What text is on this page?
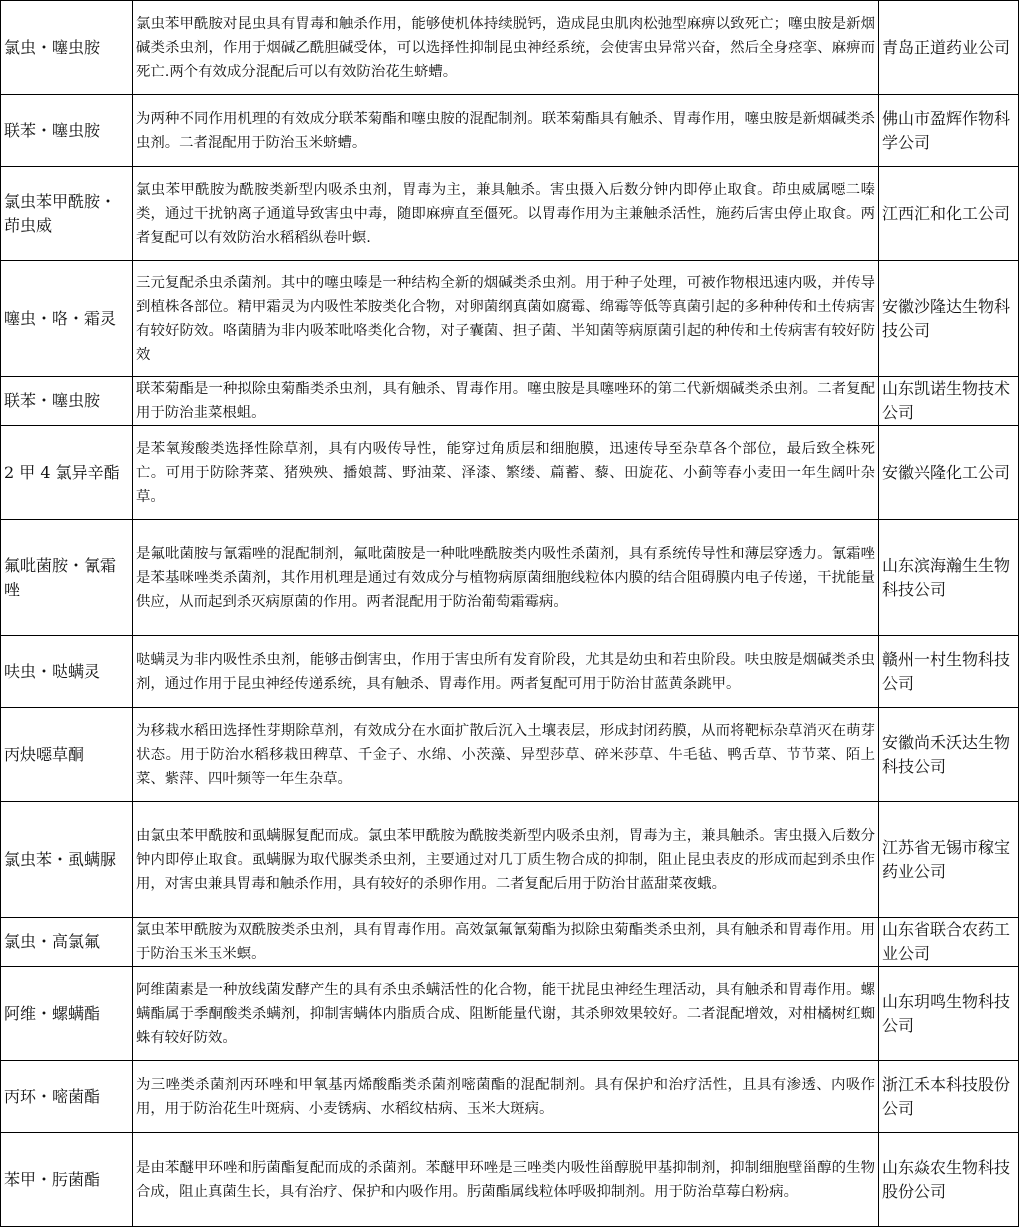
氯虫・噻虫胺	氯虫苯甲酰胺对昆虫具有胃毒和触杀作用，能够使机体持续脱钙，造成昆虫肌肉松弛型麻痹以致死亡；噻虫胺是新烟碱类杀虫剂，作用于烟碱乙酰胆碱受体，可以选择性抑制昆虫神经系统，会使害虫异常兴奋，然后全身痉挛、麻痹而死亡.两个有效成分混配后可以有效防治花生蛴螬。	青岛正道药业公司
联苯・噻虫胺	为两种不同作用机理的有效成分联苯菊酯和噻虫胺的混配制剂。联苯菊酯具有触杀、胃毒作用，噻虫胺是新烟碱类杀虫剂。二者混配用于防治玉米蛴螬。	佛山市盈辉作物科学公司
氯虫苯甲酰胺・茚虫威	氯虫苯甲酰胺为酰胺类新型内吸杀虫剂，胃毒为主，兼具触杀。害虫摄入后数分钟内即停止取食。茚虫威属噁二嗪类，通过干扰钠离子通道导致害虫中毒，随即麻痹直至僵死。以胃毒作用为主兼触杀活性，施药后害虫停止取食。两者复配可以有效防治水稻稻纵卷叶螟.	江西汇和化工公司
噻虫・咯・霜灵	三元复配杀虫杀菌剂。其中的噻虫嗪是一种结构全新的烟碱类杀虫剂。用于种子处理，可被作物根迅速内吸，并传导到植株各部位。精甲霜灵为内吸性苯胺类化合物，对卵菌纲真菌如腐霉、绵霉等低等真菌引起的多种种传和土传病害有较好防效。咯菌腈为非内吸苯吡咯类化合物，对子囊菌、担子菌、半知菌等病原菌引起的种传和土传病害有较好防效	安徽沙隆达生物科技公司
联苯・噻虫胺	联苯菊酯是一种拟除虫菊酯类杀虫剂，具有触杀、胃毒作用。噻虫胺是具噻唑环的第二代新烟碱类杀虫剂。二者复配用于防治韭菜根蛆。	山东凯诺生物技术公司
2 甲 4 氯异辛酯	是苯氧羧酸类选择性除草剂，具有内吸传导性，能穿过角质层和细胞膜，迅速传导至杂草各个部位，最后致全株死亡。可用于防除荠菜、猪殃殃、播娘蒿、野油菜、泽漆、繁缕、萹蓄、藜、田旋花、小蓟等春小麦田一年生阔叶杂草。	安徽兴隆化工公司
氟吡菌胺・氰霜唑	是氟吡菌胺与氰霜唑的混配制剂，氟吡菌胺是一种吡唑酰胺类内吸性杀菌剂，具有系统传导性和薄层穿透力。氰霜唑是苯基咪唑类杀菌剂，其作用机理是通过有效成分与植物病原菌细胞线粒体内膜的结合阻碍膜内电子传递，干扰能量供应，从而起到杀灭病原菌的作用。两者混配用于防治葡萄霜霉病。	山东滨海瀚生生物科技公司
呋虫・哒螨灵	哒螨灵为非内吸性杀虫剂，能够击倒害虫，作用于害虫所有发育阶段，尤其是幼虫和若虫阶段。呋虫胺是烟碱类杀虫剂，通过作用于昆虫神经传递系统，具有触杀、胃毒作用。两者复配可用于防治甘蓝黄条跳甲。	赣州一村生物科技公司
丙炔噁草酮	为移栽水稻田选择性芽期除草剂，有效成分在水面扩散后沉入土壤表层，形成封闭药膜，从而将靶标杂草消灭在萌芽状态。用于防治水稻移栽田稗草、千金子、水绵、小茨藻、异型莎草、碎米莎草、牛毛毡、鸭舌草、节节菜、陌上菜、紫萍、四叶频等一年生杂草。	安徽尚禾沃达生物科技公司
氯虫苯・虱螨脲	由氯虫苯甲酰胺和虱螨脲复配而成。氯虫苯甲酰胺为酰胺类新型内吸杀虫剂，胃毒为主，兼具触杀。害虫摄入后数分钟内即停止取食。虱螨脲为取代脲类杀虫剂，主要通过对几丁质生物合成的抑制，阻止昆虫表皮的形成而起到杀虫作用，对害虫兼具胃毒和触杀作用，具有较好的杀卵作用。二者复配后用于防治甘蓝甜菜夜蛾。	江苏省无锡市稼宝药业公司
氯虫・高氯氟	氯虫苯甲酰胺为双酰胺类杀虫剂，具有胃毒作用。高效氯氟氰菊酯为拟除虫菊酯类杀虫剂，具有触杀和胃毒作用。用于防治玉米玉米螟。	山东省联合农药工业公司
阿维・螺螨酯	阿维菌素是一种放线菌发酵产生的具有杀虫杀螨活性的化合物，能干扰昆虫神经生理活动，具有触杀和胃毒作用。螺螨酯属于季酮酸类杀螨剂，抑制害螨体内脂质合成、阻断能量代谢，其杀卵效果较好。二者混配增效，对柑橘树红蜘蛛有较好防效。	山东玥鸣生物科技公司
丙环・嘧菌酯	为三唑类杀菌剂丙环唑和甲氧基丙烯酸酯类杀菌剂嘧菌酯的混配制剂。具有保护和治疗活性，且具有渗透、内吸作用，用于防治花生叶斑病、小麦锈病、水稻纹枯病、玉米大斑病。	浙江禾本科技股份公司
苯甲・肟菌酯	是由苯醚甲环唑和肟菌酯复配而成的杀菌剂。苯醚甲环唑是三唑类内吸性甾醇脱甲基抑制剂，抑制细胞壁甾醇的生物合成，阻止真菌生长，具有治疗、保护和内吸作用。肟菌酯属线粒体呼吸抑制剂。用于防治草莓白粉病。	山东焱农生物科技股份公司
